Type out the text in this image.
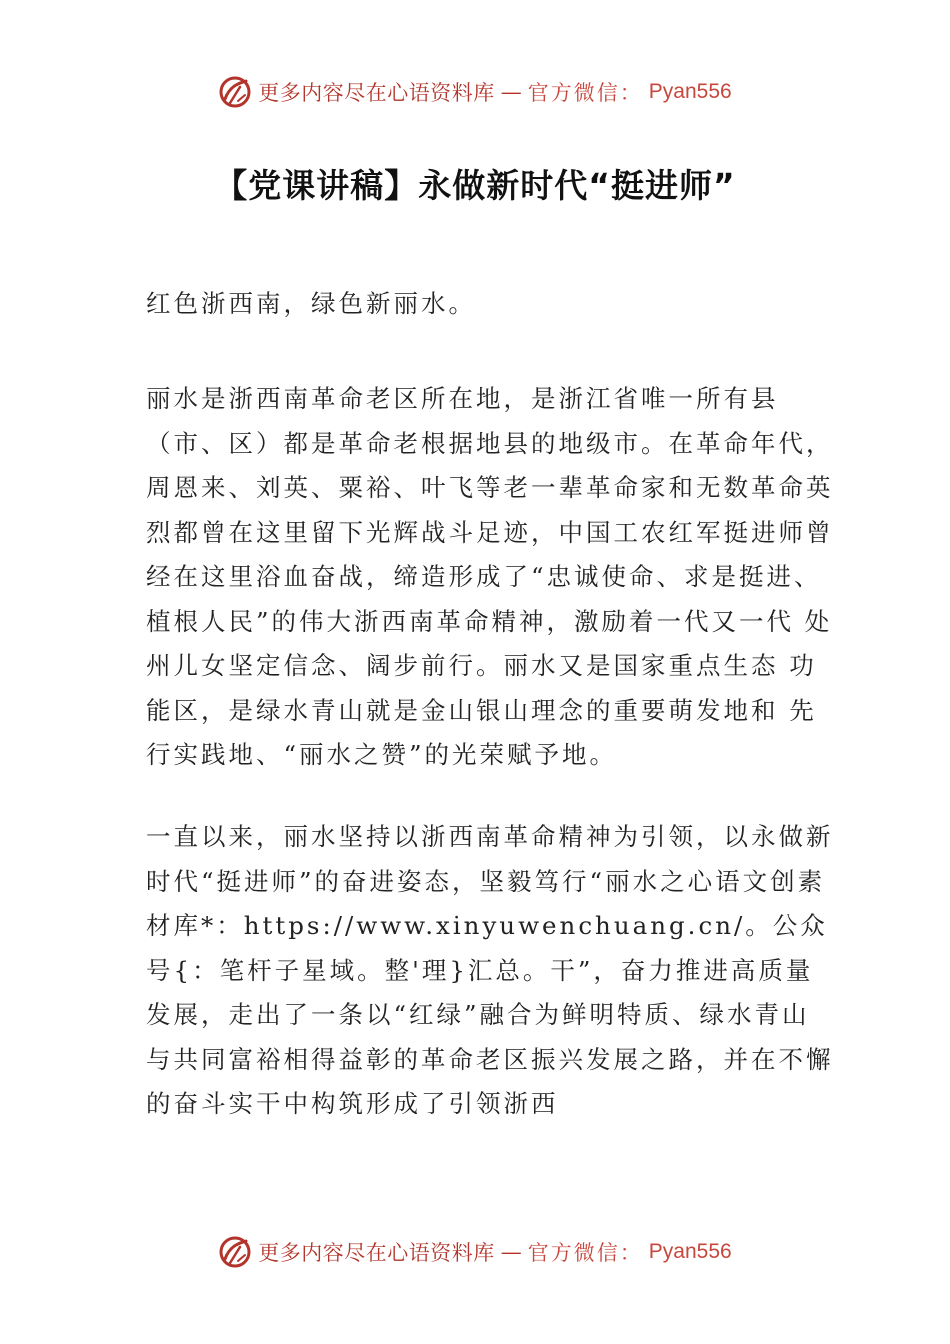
更多内容尽在心语资料库 — 官方微信： Pyan556
【党课讲稿】永做新时代“挺进师”

红色浙西南，绿色新丽水。

丽水是浙西南革命老区所在地，是浙江省唯一所有县（市、区）都是革命老根据地县的地级市。在革命年代，周恩来、刘英、粟裕、叶飞等老一辈革命家和无数革命英烈都曾在这里留下光辉战斗足迹，中国工农红军挺进师曾经在这里浴血奋战，缔造形成了“忠诚使命、求是挺进、 植根人民”的伟大浙西南革命精神，激励着一代又一代 处州儿女坚定信念、阔步前行。丽水又是国家重点生态 功能区，是绿水青山就是金山银山理念的重要萌发地和 先行实践地、“丽水之赞”的光荣赋予地。

一直以来，丽水坚持以浙西南革命精神为引领，以永做新时代“挺进师”的奋进姿态，坚毅笃行“丽水之心语文创素材库*：https://www.xinyuwenchuang.cn/。公众号{：笔杆子星域。整'理}汇总。干”，奋力推进高质量发展，走出了一条以“红绿”融合为鲜明特质、绿水青山与共同富裕相得益彰的革命老区振兴发展之路，并在不懈的奋斗实干中构筑形成了引领浙西

更多内容尽在心语资料库 — 官方微信： Pyan556
